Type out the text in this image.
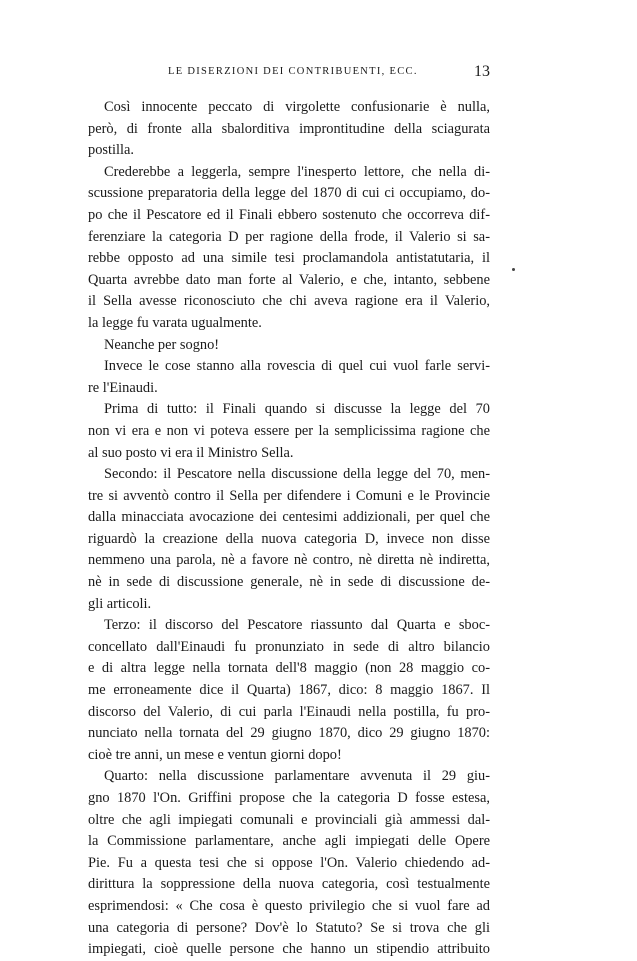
LE DISERZIONI DEI CONTRIBUENTI, ECC.	13
Così innocente peccato di virgolette confusionarie è nulla,
però, di fronte alla sbalorditiva improntitudine della sciagurata
postilla.
Crederebbe a leggerla, sempre l'inesperto lettore, che nella di-
scussione preparatoria della legge del 1870 di cui ci occupiamo, do-
po che il Pescatore ed il Finali ebbero sostenuto che occorreva dif-
ferenziare la categoria D per ragione della frode, il Valerio si sa-
rebbe opposto ad una simile tesi proclamandola antistatutaria, il
Quarta avrebbe dato man forte al Valerio, e che, intanto, sebbene
il Sella avesse riconosciuto che chi aveva ragione era il Valerio,
la legge fu varata ugualmente.
Neanche per sogno!
Invece le cose stanno alla rovescia di quel cui vuol farle servi-
re l'Einaudi.
Prima di tutto: il Finali quando si discusse la legge del 70
non vi era e non vi poteva essere per la semplicissima ragione che
al suo posto vi era il Ministro Sella.
Secondo: il Pescatore nella discussione della legge del 70, men-
tre si avventò contro il Sella per difendere i Comuni e le Provincie
dalla minacciata avocazione dei centesimi addizionali, per quel che
riguardò la creazione della nuova categoria D, invece non disse
nemmeno una parola, nè a favore nè contro, nè diretta nè indiretta,
nè in sede di discussione generale, nè in sede di discussione de-
gli articoli.
Terzo: il discorso del Pescatore riassunto dal Quarta e sboc-
concellato dall'Einaudi fu pronunziato in sede di altro bilancio
e di altra legge nella tornata dell'8 maggio (non 28 maggio co-
me erroneamente dice il Quarta) 1867, dico: 8 maggio 1867. Il
discorso del Valerio, di cui parla l'Einaudi nella postilla, fu pro-
nunciato nella tornata del 29 giugno 1870, dico 29 giugno 1870:
cioè tre anni, un mese e ventun giorni dopo!
Quarto: nella discussione parlamentare avvenuta il 29 giu-
gno 1870 l'On. Griffini propose che la categoria D fosse estesa,
oltre che agli impiegati comunali e provinciali già ammessi dal-
la Commissione parlamentare, anche agli impiegati delle Opere
Pie. Fu a questa tesi che si oppose l'On. Valerio chiedendo ad-
dirittura la soppressione della nuova categoria, così testualmente
esprimendosi: « Che cosa è questo privilegio che si vuol fare ad
una categoria di persone? Dov'è lo Statuto? Se si trova che gli
impiegati, cioè quelle persone che hanno un stipendio attribuito
